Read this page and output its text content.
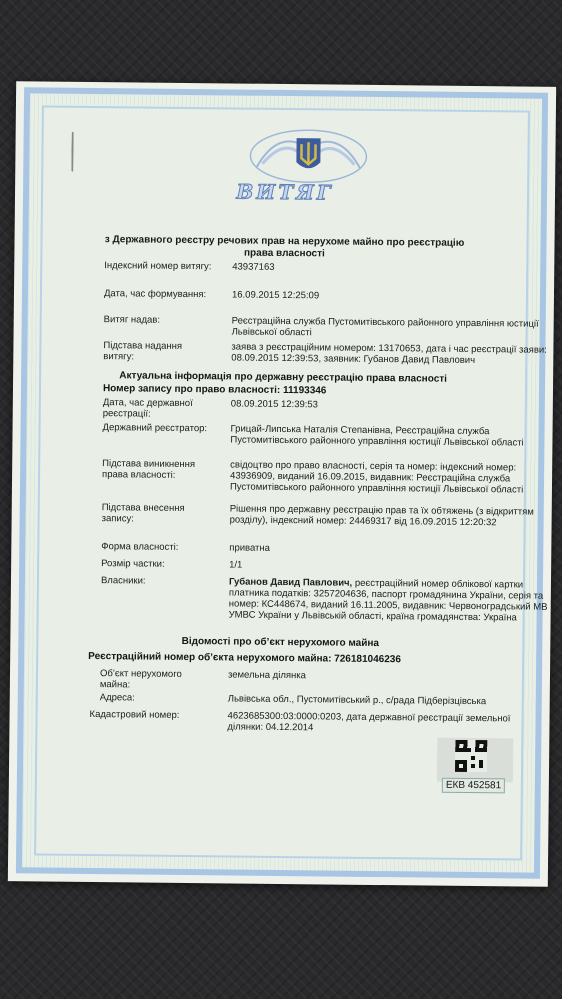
ВИТЯГ
з Державного реєстру речових прав на нерухоме майно про реєстрацію права власності
Індексний номер витягу: 43937163
Дата, час формування:	16.09.2015 12:25:09
Витяг надав:	Реєстраційна служба Пустомитівського районного управління юстиції Львівської області
Підстава надання витягу:
заява з реєстраційним номером: 13170653, дата і час реєстрації заяви: 08.09.2015 12:39:53, заявник: Губанов Давид Павлович
Актуальна інформація про державну реєстрацію права власності
Номер запису про право власності: 11193346
Дата, час державної реєстрації:
08.09.2015 12:39:53
Державний реєстратор:	Грицай-Липська Наталія Степанівна, Реєстраційна служба Пустомитівського районного управління юстиції Львівської області
Підстава виникнення права власності:
свідоцтво про право власності, серія та номер: індексний номер: 43936909, виданий 16.09.2015, видавник: Реєстраційна служба Пустомитівського районного управління юстиції Львівської області
Підстава внесення запису:
Рішення про державну реєстрацію прав та їх обтяжень (з відкриттям розділу), індексний номер: 24469317 від 16.09.2015 12:20:32
Форма власності:	приватна
Розмір частки:	1/1
Власники:	Губанов Давид Павлович, реєстраційний номер облікової картки платника податків: 3257204636, паспорт громадянина України, серія та номер: КС448674, виданий 16.11.2005, видавник: Червоноградський МВ УМВС України у Львівській області, країна громадянства: Україна
Відомості про об’єкт нерухомого майна
Реєстраційний номер об’єкта нерухомого майна: 726181046236
Об’єкт нерухомого майна:
земельна ділянка
Адреса:	Львівська обл., Пустомитівський р., с/рада Підберізцівська
Кадастровий номер:	4623685300:03:0000:0203, дата державної реєстрації земельної ділянки: 04.12.2014
ЕКВ 452581
